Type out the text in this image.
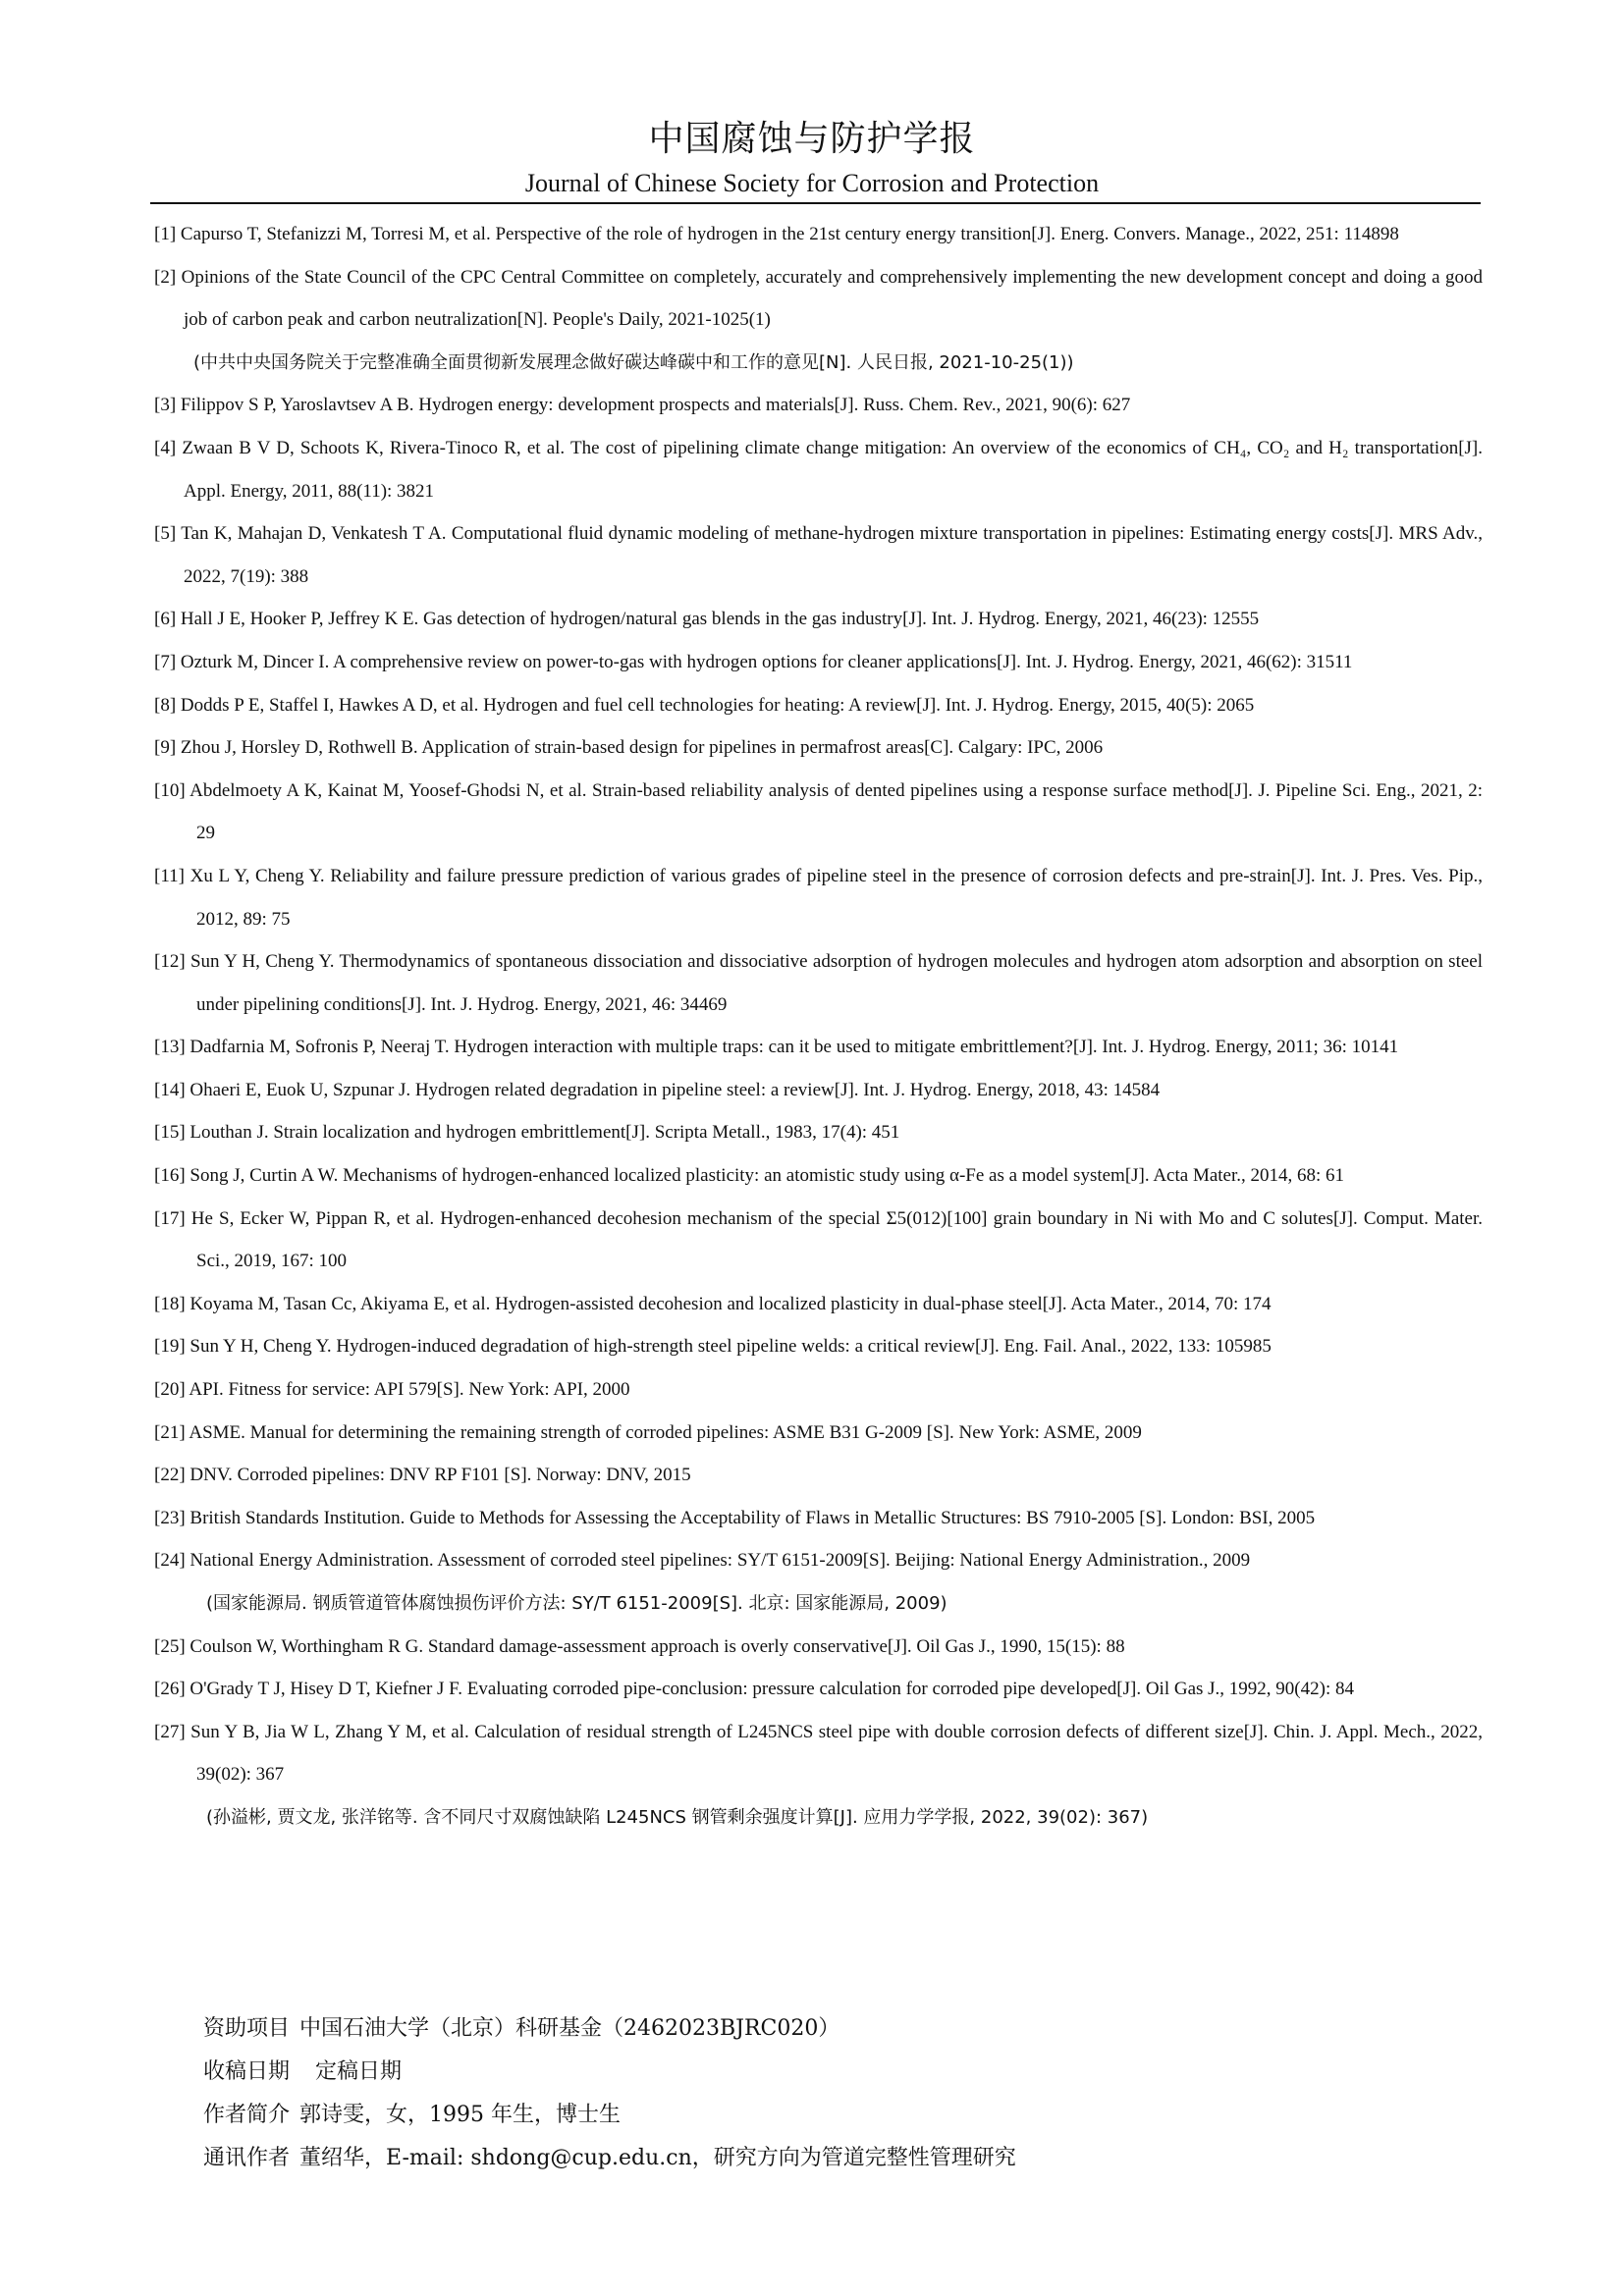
中国腐蚀与防护学报
Journal of Chinese Society for Corrosion and Protection
[1] Capurso T, Stefanizzi M, Torresi M, et al. Perspective of the role of hydrogen in the 21st century energy transition[J]. Energ. Convers. Manage., 2022, 251: 114898
[2] Opinions of the State Council of the CPC Central Committee on completely, accurately and comprehensively implementing the new development concept and doing a good job of carbon peak and carbon neutralization[N]. People's Daily, 2021-1025(1)
(中共中央国务院关于完整准确全面贯彻新发展理念做好碳达峰碳中和工作的意见[N]. 人民日报, 2021-10-25(1))
[3] Filippov S P, Yaroslavtsev A B. Hydrogen energy: development prospects and materials[J]. Russ. Chem. Rev., 2021, 90(6): 627
[4] Zwaan B V D, Schoots K, Rivera-Tinoco R, et al. The cost of pipelining climate change mitigation: An overview of the economics of CH₄, CO₂ and H₂ transportation[J]. Appl. Energy, 2011, 88(11): 3821
[5] Tan K, Mahajan D, Venkatesh T A. Computational fluid dynamic modeling of methane-hydrogen mixture transportation in pipelines: Estimating energy costs[J]. MRS Adv., 2022, 7(19): 388
[6] Hall J E, Hooker P, Jeffrey K E. Gas detection of hydrogen/natural gas blends in the gas industry[J]. Int. J. Hydrog. Energy, 2021, 46(23): 12555
[7] Ozturk M, Dincer I. A comprehensive review on power-to-gas with hydrogen options for cleaner applications[J]. Int. J. Hydrog. Energy, 2021, 46(62): 31511
[8] Dodds P E, Staffel I, Hawkes A D, et al. Hydrogen and fuel cell technologies for heating: A review[J]. Int. J. Hydrog. Energy, 2015, 40(5): 2065
[9] Zhou J, Horsley D, Rothwell B. Application of strain-based design for pipelines in permafrost areas[C]. Calgary: IPC, 2006
[10] Abdelmoety A K, Kainat M, Yoosef-Ghodsi N, et al. Strain-based reliability analysis of dented pipelines using a response surface method[J]. J. Pipeline Sci. Eng., 2021, 2: 29
[11] Xu L Y, Cheng Y. Reliability and failure pressure prediction of various grades of pipeline steel in the presence of corrosion defects and pre-strain[J]. Int. J. Pres. Ves. Pip., 2012, 89: 75
[12] Sun Y H, Cheng Y. Thermodynamics of spontaneous dissociation and dissociative adsorption of hydrogen molecules and hydrogen atom adsorption and absorption on steel under pipelining conditions[J]. Int. J. Hydrog. Energy, 2021, 46: 34469
[13] Dadfarnia M, Sofronis P, Neeraj T. Hydrogen interaction with multiple traps: can it be used to mitigate embrittlement?[J]. Int. J. Hydrog. Energy, 2011; 36: 10141
[14] Ohaeri E, Euok U, Szpunar J. Hydrogen related degradation in pipeline steel: a review[J]. Int. J. Hydrog. Energy, 2018, 43: 14584
[15] Louthan J. Strain localization and hydrogen embrittlement[J]. Scripta Metall., 1983, 17(4): 451
[16] Song J, Curtin A W. Mechanisms of hydrogen-enhanced localized plasticity: an atomistic study using α-Fe as a model system[J]. Acta Mater., 2014, 68: 61
[17] He S, Ecker W, Pippan R, et al. Hydrogen-enhanced decohesion mechanism of the special Σ5(012)[100] grain boundary in Ni with Mo and C solutes[J]. Comput. Mater. Sci., 2019, 167: 100
[18] Koyama M, Tasan Cc, Akiyama E, et al. Hydrogen-assisted decohesion and localized plasticity in dual-phase steel[J]. Acta Mater., 2014, 70: 174
[19] Sun Y H, Cheng Y. Hydrogen-induced degradation of high-strength steel pipeline welds: a critical review[J]. Eng. Fail. Anal., 2022, 133: 105985
[20] API. Fitness for service: API 579[S]. New York: API, 2000
[21] ASME. Manual for determining the remaining strength of corroded pipelines: ASME B31 G-2009 [S]. New York: ASME, 2009
[22] DNV. Corroded pipelines: DNV RP F101 [S]. Norway: DNV, 2015
[23] British Standards Institution. Guide to Methods for Assessing the Acceptability of Flaws in Metallic Structures: BS 7910-2005 [S]. London: BSI, 2005
[24] National Energy Administration. Assessment of corroded steel pipelines: SY/T 6151-2009[S]. Beijing: National Energy Administration., 2009
(国家能源局. 钢质管道管体腐蚀损伤评价方法: SY/T 6151-2009[S]. 北京: 国家能源局, 2009)
[25] Coulson W, Worthingham R G. Standard damage-assessment approach is overly conservative[J]. Oil Gas J., 1990, 15(15): 88
[26] O'Grady T J, Hisey D T, Kiefner J F. Evaluating corroded pipe-conclusion: pressure calculation for corroded pipe developed[J]. Oil Gas J., 1992, 90(42): 84
[27] Sun Y B, Jia W L, Zhang Y M, et al. Calculation of residual strength of L245NCS steel pipe with double corrosion defects of different size[J]. Chin. J. Appl. Mech., 2022, 39(02): 367
(孙溢彬, 贾文龙, 张洋铭等. 含不同尺寸双腐蚀缺陷 L245NCS 钢管剩余强度计算[J]. 应用力学学报, 2022, 39(02): 367)
资助项目 中国石油大学（北京）科研基金（2462023BJRC020）
收稿日期 定稿日期
作者简介 郭诗雯，女，1995 年生，博士生
通讯作者 董绍华，E-mail: shdong@cup.edu.cn，研究方向为管道完整性管理研究
